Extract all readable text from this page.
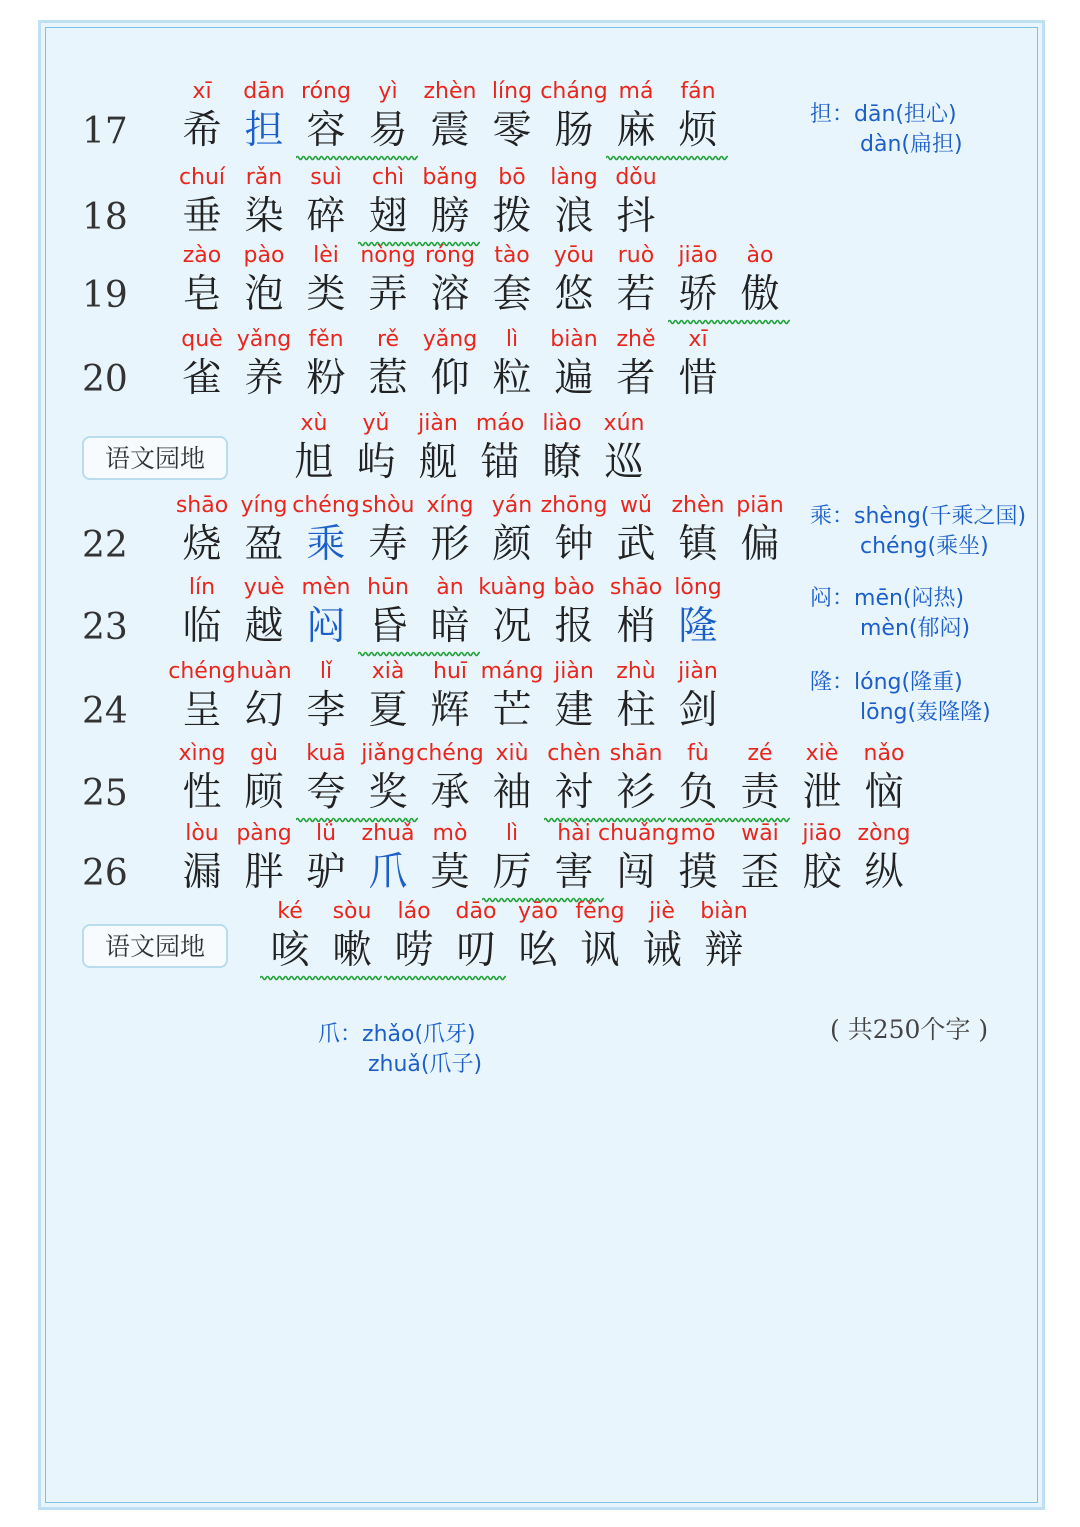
17
xī
希
dān
担
róng
容
yì
易
zhèn
震
líng
零
cháng
肠
má
麻
fán
烦
18
chuí
垂
rǎn
染
suì
碎
chì
翅
bǎng
膀
bō
拨
làng
浪
dǒu
抖
19
zào
皂
pào
泡
lèi
类
nòng
弄
róng
溶
tào
套
yōu
悠
ruò
若
jiāo
骄
ào
傲
20
què
雀
yǎng
养
fěn
粉
rě
惹
yǎng
仰
lì
粒
biàn
遍
zhě
者
xī
惜
语文园地
xù
旭
yǔ
屿
jiàn
舰
máo
锚
liào
瞭
xún
巡
22
shāo
烧
yíng
盈
chéng
乘
shòu
寿
xíng
形
yán
颜
zhōng
钟
wǔ
武
zhèn
镇
piān
偏
23
lín
临
yuè
越
mèn
闷
hūn
昏
àn
暗
kuàng
况
bào
报
shāo
梢
lōng
隆
24
chéng
呈
huàn
幻
lǐ
李
xià
夏
huī
辉
máng
芒
jiàn
建
zhù
柱
jiàn
剑
25
xìng
性
gù
顾
kuā
夸
jiǎng
奖
chéng
承
xiù
袖
chèn
衬
shān
衫
fù
负
zé
责
xiè
泄
nǎo
恼
26
lòu
漏
pàng
胖
lǘ
驴
zhuǎ
爪
mò
莫
lì
厉
hài
害
chuǎng
闯
mō
摸
wāi
歪
jiāo
胶
zòng
纵
语文园地
ké
咳
sòu
嗽
láo
唠
dāo
叨
yāo
吆
fěng
讽
jiè
诫
biàn
辩
担：dān(担心)
dàn(扁担)
乘：shèng(千乘之国)
chéng(乘坐)
闷：mēn(闷热)
mèn(郁闷)
隆：lóng(隆重)
lōng(轰隆隆)
爪：zhǎo(爪牙)
zhuǎ(爪子)
( 共250个字 )
